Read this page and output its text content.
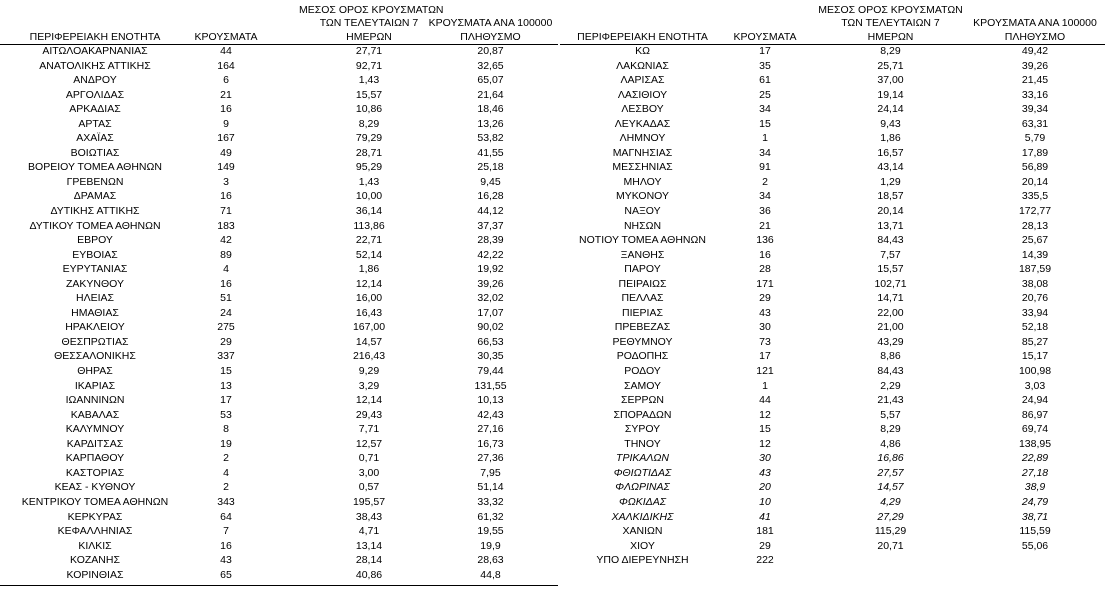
ΠΕΡΙΦΕΡΕΙΑΚΗ ΕΝΟΤΗΤΑ	ΚΡΟΥΣΜΑΤΑ
ΜΕΣΟΣ ΟΡΟΣ ΚΡΟΥΣΜΑΤΩΝ
ΤΩΝ ΤΕΛΕΥΤΑΙΩΝ 7
ΗΜΕΡΩΝ
ΚΡΟΥΣΜΑΤΑ ΑΝΑ 100000
ΠΛΗΘΥΣΜΟ
ΑΙΤΩΛΟΑΚΑΡΝΑΝΙΑΣ	44	27,71	20,87
ΑΝΑΤΟΛΙΚΗΣ ΑΤΤΙΚΗΣ	164	92,71	32,65
ΑΝΔΡΟΥ	6	1,43	65,07
ΑΡΓΟΛΙΔΑΣ	21	15,57	21,64
ΑΡΚΑΔΙΑΣ	16	10,86	18,46
ΑΡΤΑΣ	9	8,29	13,26
ΑΧΑΪΑΣ	167	79,29	53,82
ΒΟΙΩΤΙΑΣ	49	28,71	41,55
ΒΟΡΕΙΟΥ ΤΟΜΕΑ ΑΘΗΝΩΝ	149	95,29	25,18
ΓΡΕΒΕΝΩΝ	3	1,43	9,45
ΔΡΑΜΑΣ	16	10,00	16,28
ΔΥΤΙΚΗΣ ΑΤΤΙΚΗΣ	71	36,14	44,12
ΔΥΤΙΚΟΥ ΤΟΜΕΑ ΑΘΗΝΩΝ	183	113,86	37,37
ΕΒΡΟΥ	42	22,71	28,39
ΕΥΒΟΙΑΣ	89	52,14	42,22
ΕΥΡΥΤΑΝΙΑΣ	4	1,86	19,92
ΖΑΚΥΝΘΟΥ	16	12,14	39,26
ΗΛΕΙΑΣ	51	16,00	32,02
ΗΜΑΘΙΑΣ	24	16,43	17,07
ΗΡΑΚΛΕΙΟΥ	275	167,00	90,02
ΘΕΣΠΡΩΤΙΑΣ	29	14,57	66,53
ΘΕΣΣΑΛΟΝΙΚΗΣ	337	216,43	30,35
ΘΗΡΑΣ	15	9,29	79,44
ΙΚΑΡΙΑΣ	13	3,29	131,55
ΙΩΑΝΝΙΝΩΝ	17	12,14	10,13
ΚΑΒΑΛΑΣ	53	29,43	42,43
ΚΑΛΥΜΝΟΥ	8	7,71	27,16
ΚΑΡΔΙΤΣΑΣ	19	12,57	16,73
ΚΑΡΠΑΘΟΥ	2	0,71	27,36
ΚΑΣΤΟΡΙΑΣ	4	3,00	7,95
ΚΕΑΣ - ΚΥΘΝΟΥ	2	0,57	51,14
ΚΕΝΤΡΙΚΟΥ ΤΟΜΕΑ ΑΘΗΝΩΝ	343	195,57	33,32
ΚΕΡΚΥΡΑΣ	64	38,43	61,32
ΚΕΦΑΛΛΗΝΙΑΣ	7	4,71	19,55
ΚΙΛΚΙΣ	16	13,14	19,9
ΚΟΖΑΝΗΣ	43	28,14	28,63
ΚΟΡΙΝΘΙΑΣ	65	40,86	44,8
ΠΕΡΙΦΕΡΕΙΑΚΗ ΕΝΟΤΗΤΑ	ΚΡΟΥΣΜΑΤΑ
ΜΕΣΟΣ ΟΡΟΣ ΚΡΟΥΣΜΑΤΩΝ
ΤΩΝ ΤΕΛΕΥΤΑΙΩΝ 7
ΗΜΕΡΩΝ
ΚΡΟΥΣΜΑΤΑ ΑΝΑ 100000
ΠΛΗΘΥΣΜΟ
ΚΩ	17	8,29	49,42
ΛΑΚΩΝΙΑΣ	35	25,71	39,26
ΛΑΡΙΣΑΣ	61	37,00	21,45
ΛΑΣΙΘΙΟΥ	25	19,14	33,16
ΛΕΣΒΟΥ	34	24,14	39,34
ΛΕΥΚΑΔΑΣ	15	9,43	63,31
ΛΗΜΝΟΥ	1	1,86	5,79
ΜΑΓΝΗΣΙΑΣ	34	16,57	17,89
ΜΕΣΣΗΝΙΑΣ	91	43,14	56,89
ΜΗΛΟΥ	2	1,29	20,14
ΜΥΚΟΝΟΥ	34	18,57	335,5
ΝΑΞΟΥ	36	20,14	172,77
ΝΗΣΩΝ	21	13,71	28,13
ΝΟΤΙΟΥ ΤΟΜΕΑ ΑΘΗΝΩΝ	136	84,43	25,67
ΞΑΝΘΗΣ	16	7,57	14,39
ΠΑΡΟΥ	28	15,57	187,59
ΠΕΙΡΑΙΩΣ	171	102,71	38,08
ΠΕΛΛΑΣ	29	14,71	20,76
ΠΙΕΡΙΑΣ	43	22,00	33,94
ΠΡΕΒΕΖΑΣ	30	21,00	52,18
ΡΕΘΥΜΝΟΥ	73	43,29	85,27
ΡΟΔΟΠΗΣ	17	8,86	15,17
ΡΟΔΟΥ	121	84,43	100,98
ΣΑΜΟΥ	1	2,29	3,03
ΣΕΡΡΩΝ	44	21,43	24,94
ΣΠΟΡΑΔΩΝ	12	5,57	86,97
ΣΥΡΟΥ	15	8,29	69,74
ΤΗΝΟΥ	12	4,86	138,95
ΤΡΙΚΑΛΩΝ	30	16,86	22,89
ΦΘΙΩΤΙΔΑΣ	43	27,57	27,18
ΦΛΩΡΙΝΑΣ	20	14,57	38,9
ΦΩΚΙΔΑΣ	10	4,29	24,79
ΧΑΛΚΙΔΙΚΗΣ	41	27,29	38,71
ΧΑΝΙΩΝ	181	115,29	115,59
ΧΙΟΥ	29	20,71	55,06
ΥΠΟ ΔΙΕΡΕΥΝΗΣΗ	222
